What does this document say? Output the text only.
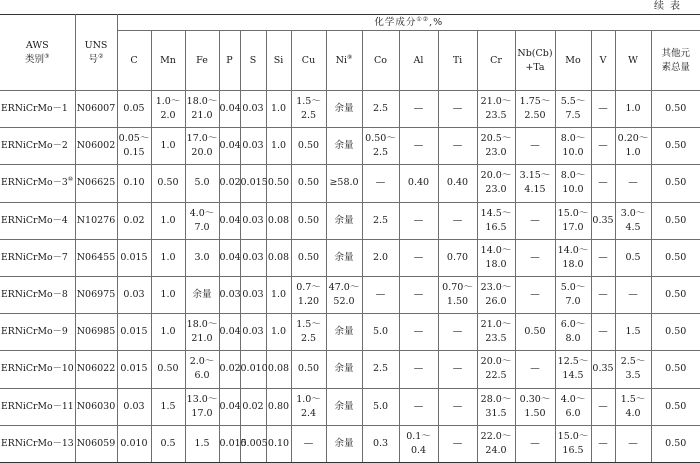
续表
AWS
类别③	UNS
号②	化学成分①②,%																

		C	Mn	Fe	P	S	Si	Cu	Ni⑨	Co	Al	Ti	Cr	Nb(Cb)
+Ta	Mo	V	W	其他元
素总量

ERNiCrMo－1	N06007	0.05	1.0～
2.0	18.0～
21.0	0.04	0.03	1.0	1.5～
2.5	余量	2.5	—	—	21.0～
23.5	1.75～
2.50	5.5～
7.5	—	1.0	0.50

ERNiCrMo－2	N06002	0.05～
0.15	1.0	17.0～
20.0	0.04	0.03	1.0	0.50	余量	0.50～
2.5	—	—	20.5～
23.0	—	8.0～
10.0	—	0.20～
1.0	0.50

ERNiCrMo－3⑩	N06625	0.10	0.50	5.0	0.02	0.015	0.50	0.50	≥58.0	—	0.40	0.40	20.0～
23.0	3.15～
4.15	8.0～
10.0	—	—	0.50

ERNiCrMo－4	N10276	0.02	1.0	4.0～
7.0	0.04	0.03	0.08	0.50	余量	2.5	—	—	14.5～
16.5	—	15.0～
17.0	0.35	3.0～
4.5	0.50

ERNiCrMo－7	N06455	0.015	1.0	3.0	0.04	0.03	0.08	0.50	余量	2.0	—	0.70	14.0～
18.0	—	14.0～
18.0	—	0.5	0.50

ERNiCrMo－8	N06975	0.03	1.0	余量	0.03	0.03	1.0	0.7～
1.20	47.0～
52.0	—	—	0.70～
1.50	23.0～
26.0	—	5.0～
7.0	—	—	0.50

ERNiCrMo－9	N06985	0.015	1.0	18.0～
21.0	0.04	0.03	1.0	1.5～
2.5	余量	5.0	—	—	21.0～
23.5	0.50	6.0～
8.0	—	1.5	0.50

ERNiCrMo－10	N06022	0.015	0.50	2.0～
6.0	0.02	0.010	0.08	0.50	余量	2.5	—	—	20.0～
22.5	—	12.5～
14.5	0.35	2.5～
3.5	0.50

ERNiCrMo－11	N06030	0.03	1.5	13.0～
17.0	0.04	0.02	0.80	1.0～
2.4	余量	5.0	—	—	28.0～
31.5	0.30～
1.50	4.0～
6.0	—	1.5～
4.0	0.50

ERNiCrMo－13	N06059	0.010	0.5	1.5	0.015	0.005	0.10	—	余量	0.3	0.1～
0.4	—	22.0～
24.0	—	15.0～
16.5	—	—	0.50
